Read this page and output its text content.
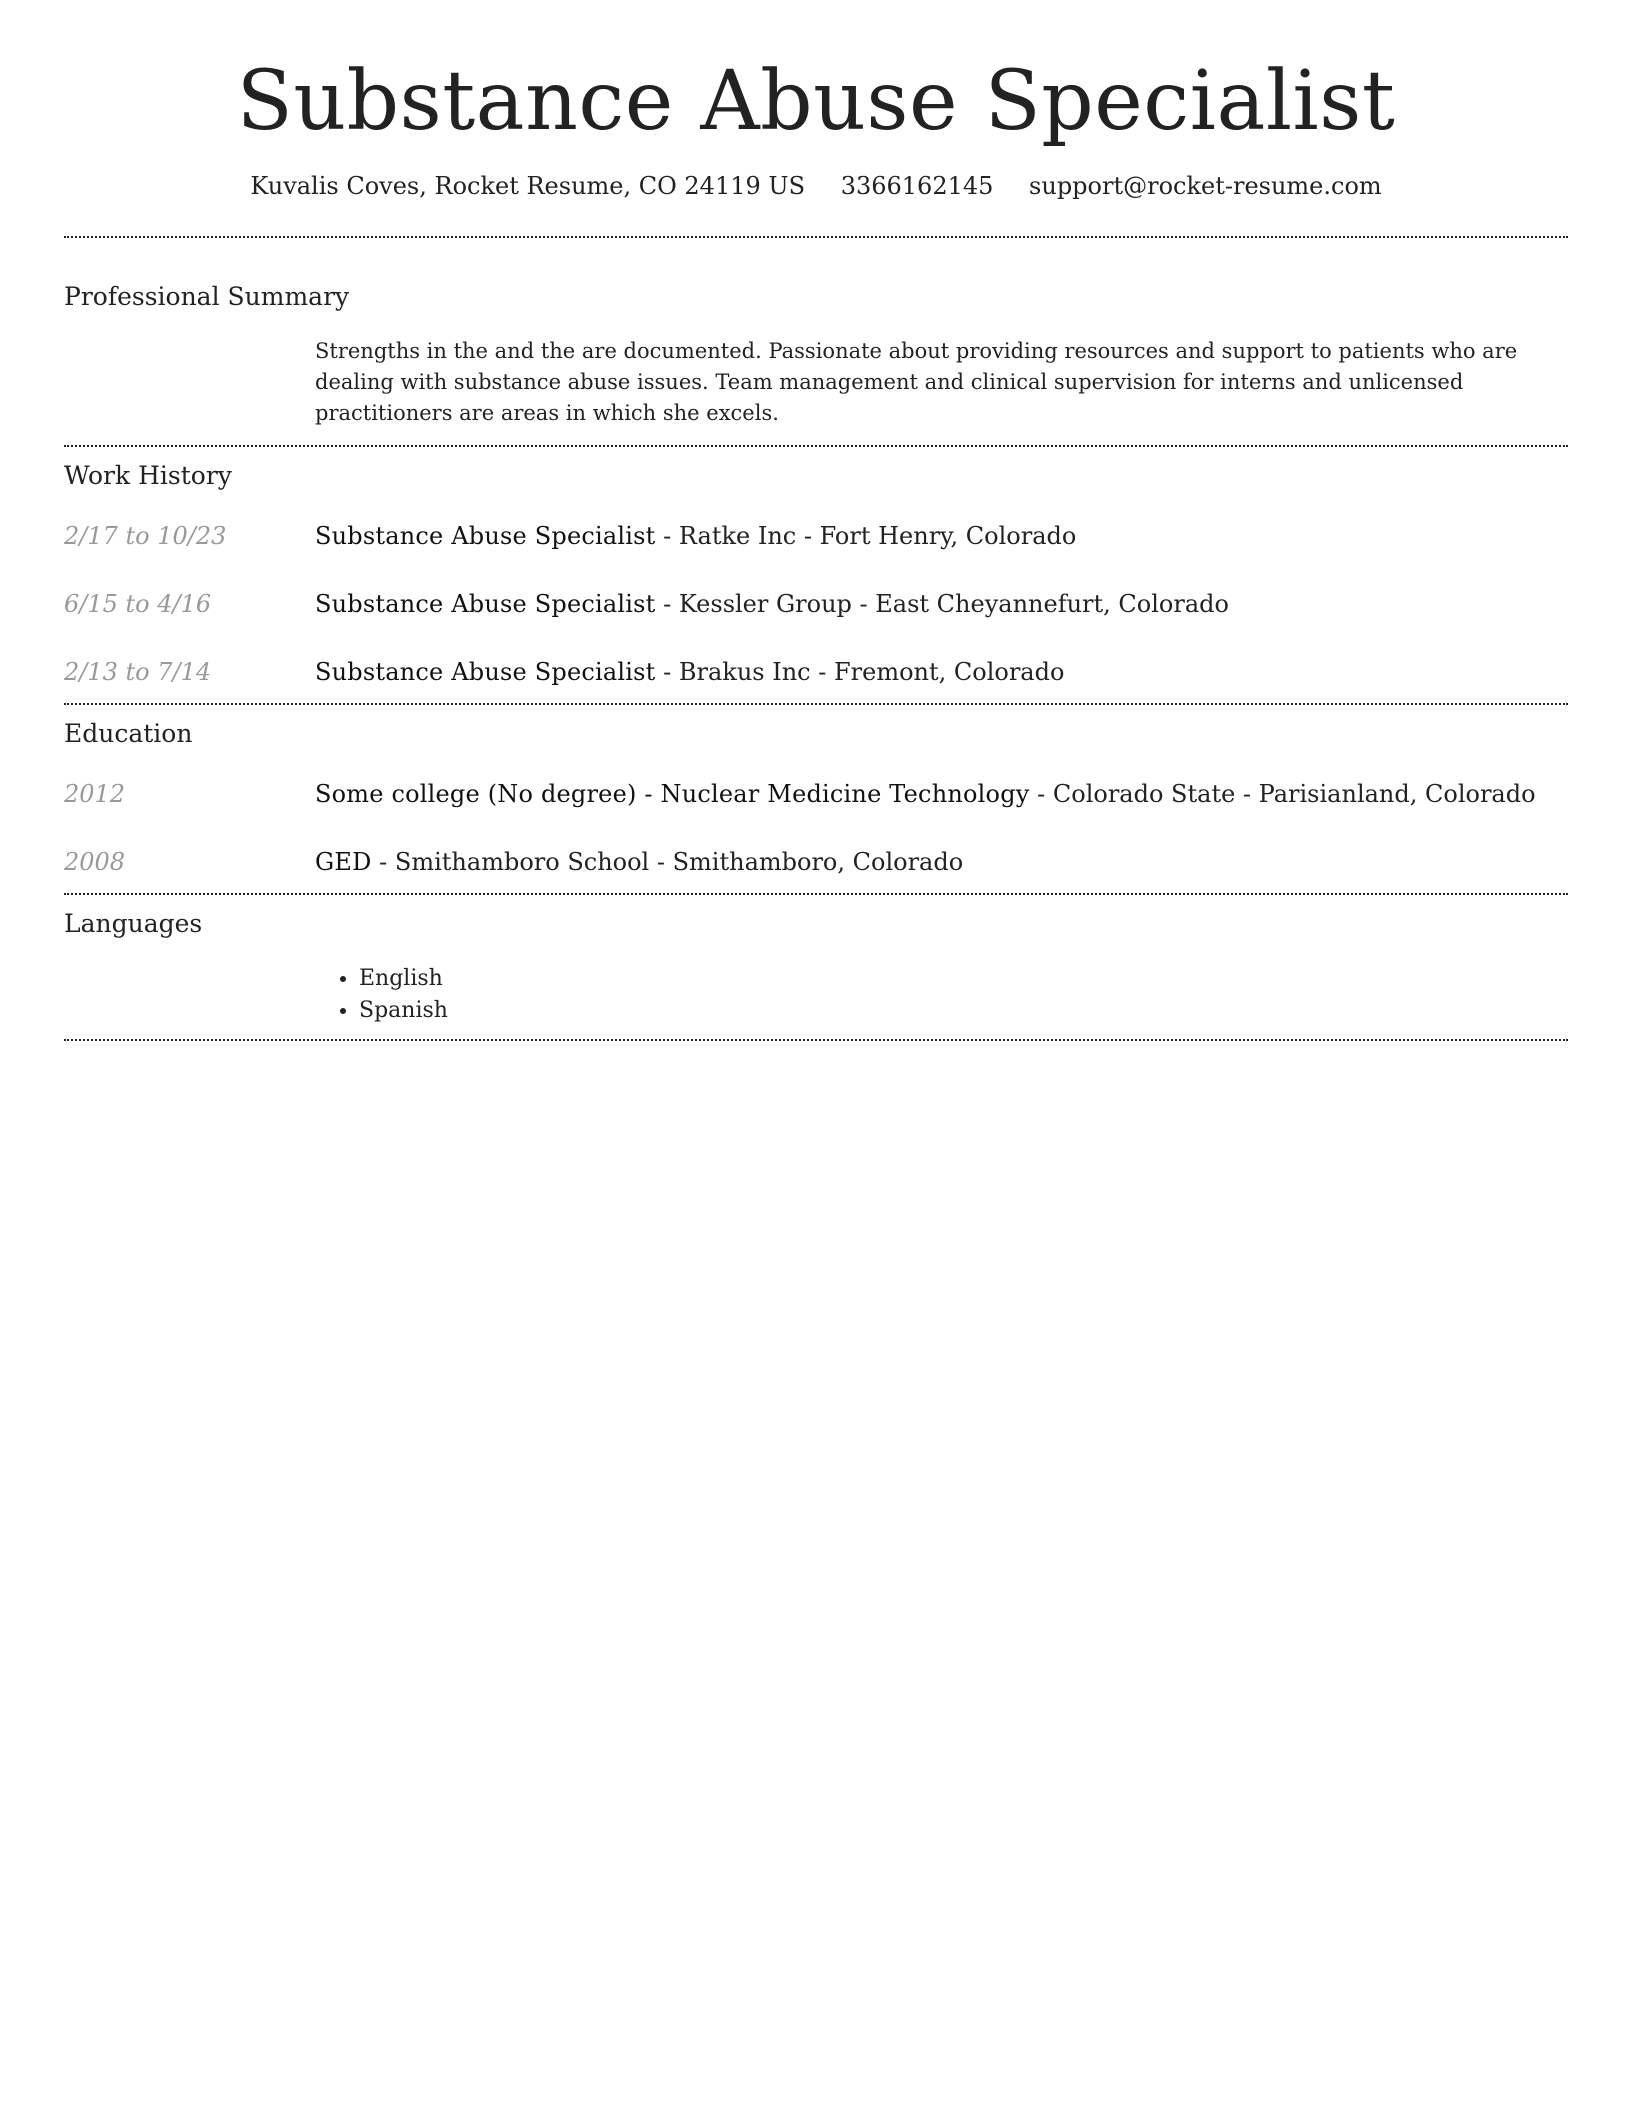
Substance Abuse Specialist
Kuvalis Coves, Rocket Resume, CO 24119 US 3366162145 support@rocket-resume.com
Professional Summary
Strengths in the and the are documented. Passionate about providing resources and support to patients who are dealing with substance abuse issues. Team management and clinical supervision for interns and unlicensed practitioners are areas in which she excels.
Work History
2/17 to 10/23	Substance Abuse Specialist - Ratke Inc - Fort Henry, Colorado
6/15 to 4/16	Substance Abuse Specialist - Kessler Group - East Cheyannefurt, Colorado
2/13 to 7/14	Substance Abuse Specialist - Brakus Inc - Fremont, Colorado
Education
2012	Some college (No degree) - Nuclear Medicine Technology - Colorado State - Parisianland, Colorado
2008	GED - Smithamboro School - Smithamboro, Colorado
Languages
• English
• Spanish
